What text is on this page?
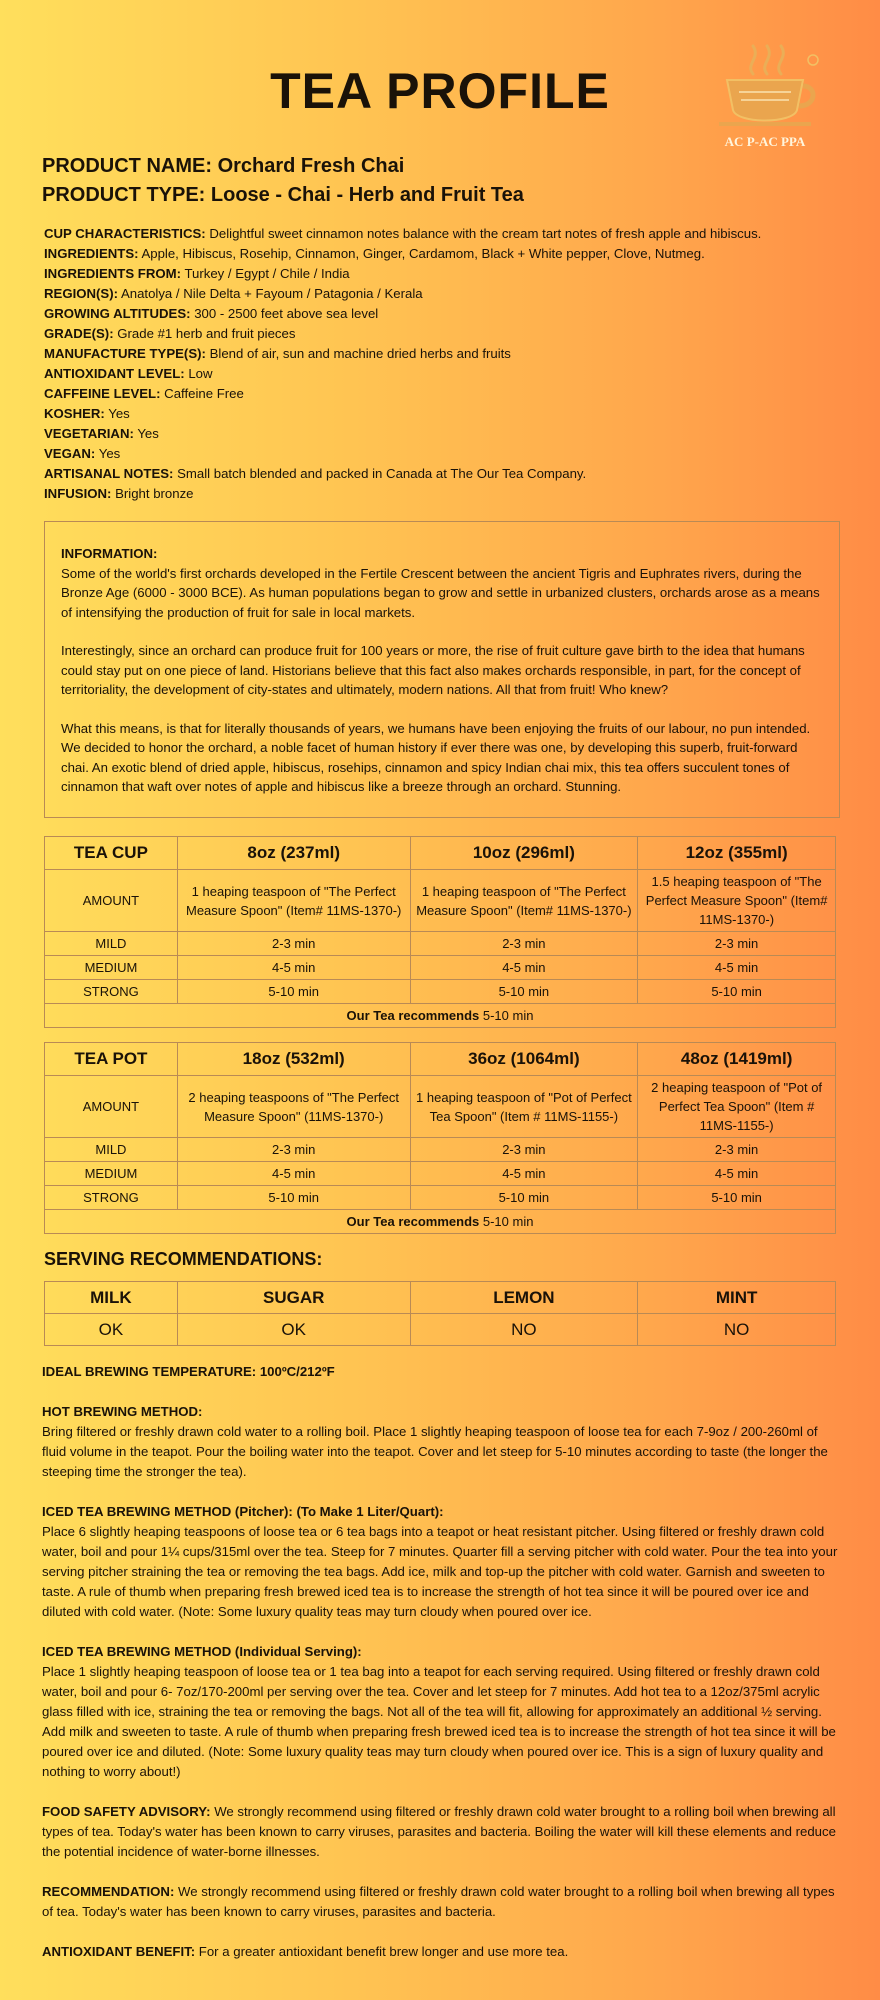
TEA PROFILE
AC P-AC PPA
PRODUCT NAME: Orchard Fresh Chai
PRODUCT TYPE: Loose - Chai - Herb and Fruit Tea
CUP CHARACTERISTICS: Delightful sweet cinnamon notes balance with the cream tart notes of fresh apple and hibiscus.
INGREDIENTS: Apple, Hibiscus, Rosehip, Cinnamon, Ginger, Cardamom, Black + White pepper, Clove, Nutmeg.
INGREDIENTS FROM: Turkey / Egypt / Chile / India
REGION(S): Anatolya / Nile Delta + Fayoum / Patagonia / Kerala
GROWING ALTITUDES: 300 - 2500 feet above sea level
GRADE(S): Grade #1 herb and fruit pieces
MANUFACTURE TYPE(S): Blend of air, sun and machine dried herbs and fruits
ANTIOXIDANT LEVEL: Low
CAFFEINE LEVEL: Caffeine Free
KOSHER: Yes
VEGETARIAN: Yes
VEGAN: Yes
ARTISANAL NOTES: Small batch blended and packed in Canada at The Our Tea Company.
INFUSION: Bright bronze
INFORMATION:

Some of the world's first orchards developed in the Fertile Crescent between the ancient Tigris and Euphrates rivers, during the Bronze Age (6000 - 3000 BCE). As human populations began to grow and settle in urbanized clusters, orchards arose as a means of intensifying the production of fruit for sale in local markets.

Interestingly, since an orchard can produce fruit for 100 years or more, the rise of fruit culture gave birth to the idea that humans could stay put on one piece of land. Historians believe that this fact also makes orchards responsible, in part, for the concept of territoriality, the development of city-states and ultimately, modern nations. All that from fruit! Who knew?

What this means, is that for literally thousands of years, we humans have been enjoying the fruits of our labour, no pun intended. We decided to honor the orchard, a noble facet of human history if ever there was one, by developing this superb, fruit-forward chai. An exotic blend of dried apple, hibiscus, rosehips, cinnamon and spicy Indian chai mix, this tea offers succulent tones of cinnamon that waft over notes of apple and hibiscus like a breeze through an orchard. Stunning.

TEA CUP	8oz (237ml)	10oz (296ml)	12oz (355ml)
AMOUNT	1 heaping teaspoon of "The Perfect Measure Spoon" (Item# 11MS-1370-)	1 heaping teaspoon of "The Perfect Measure Spoon" (Item# 11MS-1370-)	1.5 heaping teaspoon of "The Perfect Measure Spoon" (Item# 11MS-1370-)
MILD	2-3 min	2-3 min	2-3 min
MEDIUM	4-5 min	4-5 min	4-5 min
STRONG	5-10 min	5-10 min	5-10 min
Our Tea recommends 5-10 min			
TEA POT	18oz (532ml)	36oz (1064ml)	48oz (1419ml)
AMOUNT	2 heaping teaspoons of "The Perfect Measure Spoon" (11MS-1370-)	1 heaping teaspoon of "Pot of Perfect Tea Spoon" (Item # 11MS-1155-)	2 heaping teaspoon of "Pot of Perfect Tea Spoon" (Item # 11MS-1155-)
MILD	2-3 min	2-3 min	2-3 min
MEDIUM	4-5 min	4-5 min	4-5 min
STRONG	5-10 min	5-10 min	5-10 min
Our Tea recommends 5-10 min			
SERVING RECOMMENDATIONS:
MILK	SUGAR	LEMON	MINT
OK	OK	NO	NO
IDEAL BREWING TEMPERATURE: 100ºC/212ºF
HOT BREWING METHOD:
Bring filtered or freshly drawn cold water to a rolling boil. Place 1 slightly heaping teaspoon of loose tea for each 7-9oz / 200-260ml of fluid volume in the teapot. Pour the boiling water into the teapot. Cover and let steep for 5-10 minutes according to taste (the longer the steeping time the stronger the tea).
ICED TEA BREWING METHOD (Pitcher): (To Make 1 Liter/Quart):
Place 6 slightly heaping teaspoons of loose tea or 6 tea bags into a teapot or heat resistant pitcher. Using filtered or freshly drawn cold water, boil and pour 1¼ cups/315ml over the tea. Steep for 7 minutes. Quarter fill a serving pitcher with cold water. Pour the tea into your serving pitcher straining the tea or removing the tea bags. Add ice, milk and top-up the pitcher with cold water. Garnish and sweeten to taste. A rule of thumb when preparing fresh brewed iced tea is to increase the strength of hot tea since it will be poured over ice and diluted with cold water. (Note: Some luxury quality teas may turn cloudy when poured over ice.
ICED TEA BREWING METHOD (Individual Serving):
Place 1 slightly heaping teaspoon of loose tea or 1 tea bag into a teapot for each serving required. Using filtered or freshly drawn cold water, boil and pour 6- 7oz/170-200ml per serving over the tea. Cover and let steep for 7 minutes. Add hot tea to a 12oz/375ml acrylic glass filled with ice, straining the tea or removing the bags. Not all of the tea will fit, allowing for approximately an additional ½ serving. Add milk and sweeten to taste. A rule of thumb when preparing fresh brewed iced tea is to increase the strength of hot tea since it will be poured over ice and diluted. (Note: Some luxury quality teas may turn cloudy when poured over ice. This is a sign of luxury quality and nothing to worry about!)
FOOD SAFETY ADVISORY: We strongly recommend using filtered or freshly drawn cold water brought to a rolling boil when brewing all types of tea. Today's water has been known to carry viruses, parasites and bacteria. Boiling the water will kill these elements and reduce the potential incidence of water-borne illnesses.
RECOMMENDATION: We strongly recommend using filtered or freshly drawn cold water brought to a rolling boil when brewing all types of tea. Today's water has been known to carry viruses, parasites and bacteria.
ANTIOXIDANT BENEFIT: For a greater antioxidant benefit brew longer and use more tea.
